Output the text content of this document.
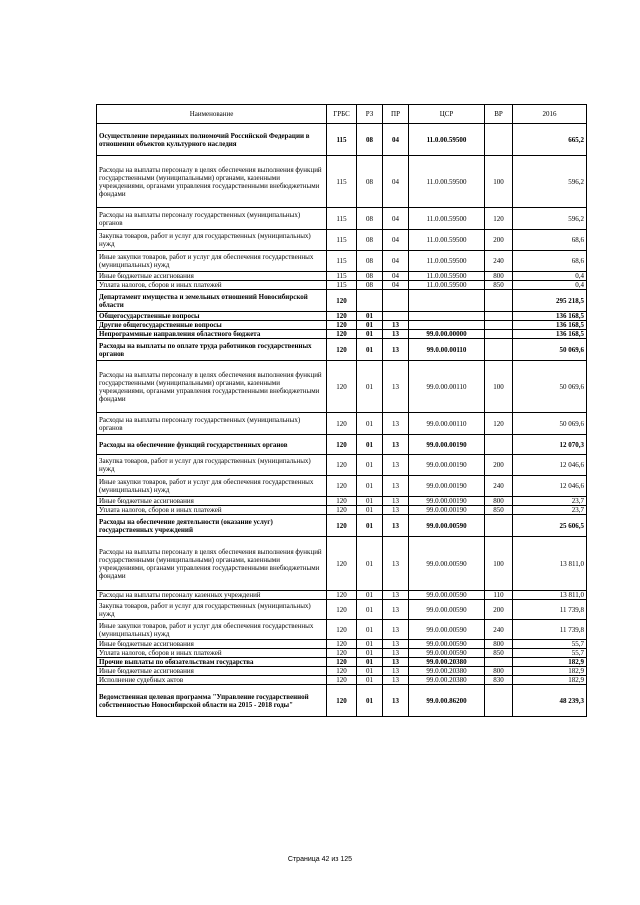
Наименование	ГРБС	РЗ	ПР	ЦСР	ВР	2016
Осуществление переданных полномочий Российской Федерации в отношении объектов культурного наследия	115	08	04	11.0.00.59500		665,2
Расходы на выплаты персоналу в целях обеспечения выполнения функций государственными (муниципальными) органами, казенными учреждениями, органами управления государственными внебюджетными фондами	115	08	04	11.0.00.59500	100	596,2
Расходы на выплаты персоналу государственных (муниципальных) органов	115	08	04	11.0.00.59500	120	596,2
Закупка товаров, работ и услуг для государственных (муниципальных) нужд	115	08	04	11.0.00.59500	200	68,6
Иные закупки товаров, работ и услуг для обеспечения государственных (муниципальных) нужд	115	08	04	11.0.00.59500	240	68,6
Иные бюджетные ассигнования	115	08	04	11.0.00.59500	800	0,4
Уплата налогов, сборов и иных платежей	115	08	04	11.0.00.59500	850	0,4
Департамент имущества и земельных отношений Новосибирской области	120					295 218,5
Общегосударственные вопросы	120	01				136 168,5
Другие общегосударственные вопросы	120	01	13			136 168,5
Непрограммные направления областного бюджета	120	01	13	99.0.00.00000		136 168,5
Расходы на выплаты по оплате труда работников государственных органов	120	01	13	99.0.00.00110		50 069,6
Расходы на выплаты персоналу в целях обеспечения выполнения функций государственными (муниципальными) органами, казенными учреждениями, органами управления государственными внебюджетными фондами	120	01	13	99.0.00.00110	100	50 069,6
Расходы на выплаты персоналу государственных (муниципальных) органов	120	01	13	99.0.00.00110	120	50 069,6
Расходы на обеспечение функций государственных органов	120	01	13	99.0.00.00190		12 070,3
Закупка товаров, работ и услуг для государственных (муниципальных) нужд	120	01	13	99.0.00.00190	200	12 046,6
Иные закупки товаров, работ и услуг для обеспечения государственных (муниципальных) нужд	120	01	13	99.0.00.00190	240	12 046,6
Иные бюджетные ассигнования	120	01	13	99.0.00.00190	800	23,7
Уплата налогов, сборов и иных платежей	120	01	13	99.0.00.00190	850	23,7
Расходы на обеспечение деятельности (оказание услуг) государственных учреждений	120	01	13	99.0.00.00590		25 606,5
Расходы на выплаты персоналу в целях обеспечения выполнения функций государственными (муниципальными) органами, казенными учреждениями, органами управления государственными внебюджетными фондами	120	01	13	99.0.00.00590	100	13 811,0
Расходы на выплаты персоналу казенных учреждений	120	01	13	99.0.00.00590	110	13 811,0
Закупка товаров, работ и услуг для государственных (муниципальных) нужд	120	01	13	99.0.00.00590	200	11 739,8
Иные закупки товаров, работ и услуг для обеспечения государственных (муниципальных) нужд	120	01	13	99.0.00.00590	240	11 739,8
Иные бюджетные ассигнования	120	01	13	99.0.00.00590	800	55,7
Уплата налогов, сборов и иных платежей	120	01	13	99.0.00.00590	850	55,7
Прочие выплаты по обязательствам государства	120	01	13	99.0.00.20380		182,9
Иные бюджетные ассигнования	120	01	13	99.0.00.20380	800	182,9
Исполнение судебных актов	120	01	13	99.0.00.20380	830	182,9
Ведомственная целевая программа "Управление государственной собственностью Новосибирской области на 2015 - 2018 годы"	120	01	13	99.0.00.86200		48 239,3
Страница 42 из 125
